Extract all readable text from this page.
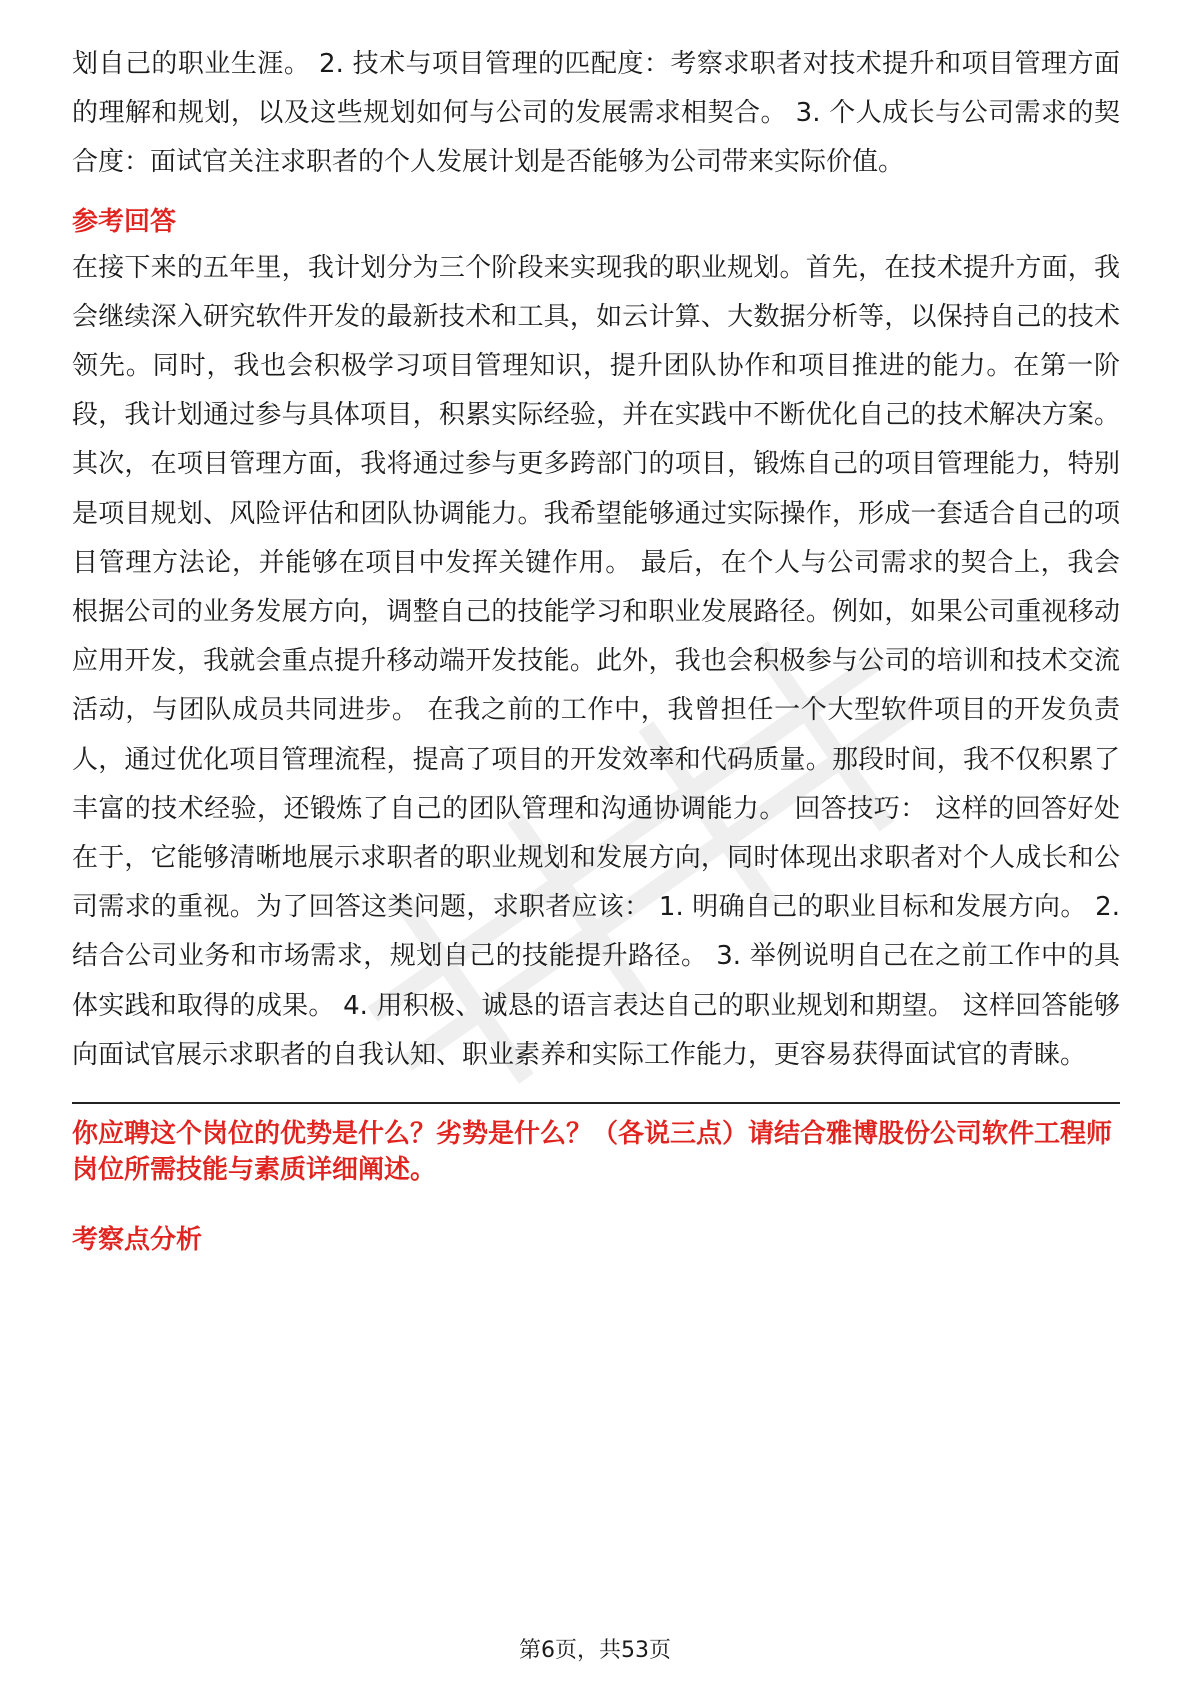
划自己的职业生涯。 2. 技术与项目管理的匹配度：考察求职者对技术提升和项目管理方面的理解和规划，以及这些规划如何与公司的发展需求相契合。 3. 个人成长与公司需求的契合度：面试官关注求职者的个人发展计划是否能够为公司带来实际价值。

参考回答

在接下来的五年里，我计划分为三个阶段来实现我的职业规划。首先，在技术提升方面，我会继续深入研究软件开发的最新技术和工具，如云计算、大数据分析等，以保持自己的技术领先。同时，我也会积极学习项目管理知识，提升团队协作和项目推进的能力。在第一阶段，我计划通过参与具体项目，积累实际经验，并在实践中不断优化自己的技术解决方案。 其次，在项目管理方面，我将通过参与更多跨部门的项目，锻炼自己的项目管理能力，特别是项目规划、风险评估和团队协调能力。我希望能够通过实际操作，形成一套适合自己的项目管理方法论，并能够在项目中发挥关键作用。 最后，在个人与公司需求的契合上，我会根据公司的业务发展方向，调整自己的技能学习和职业发展路径。例如，如果公司重视移动应用开发，我就会重点提升移动端开发技能。此外，我也会积极参与公司的培训和技术交流活动，与团队成员共同进步。 在我之前的工作中，我曾担任一个大型软件项目的开发负责人，通过优化项目管理流程，提高了项目的开发效率和代码质量。那段时间，我不仅积累了丰富的技术经验，还锻炼了自己的团队管理和沟通协调能力。 回答技巧： 这样的回答好处在于，它能够清晰地展示求职者的职业规划和发展方向，同时体现出求职者对个人成长和公司需求的重视。为了回答这类问题，求职者应该： 1. 明确自己的职业目标和发展方向。 2. 结合公司业务和市场需求，规划自己的技能提升路径。 3. 举例说明自己在之前工作中的具体实践和取得的成果。 4. 用积极、诚恳的语言表达自己的职业规划和期望。 这样回答能够向面试官展示求职者的自我认知、职业素养和实际工作能力，更容易获得面试官的青睐。

你应聘这个岗位的优势是什么？劣势是什么？（各说三点）请结合雅博股份公司软件工程师岗位所需技能与素质详细阐述。

考察点分析

第6页，共53页
